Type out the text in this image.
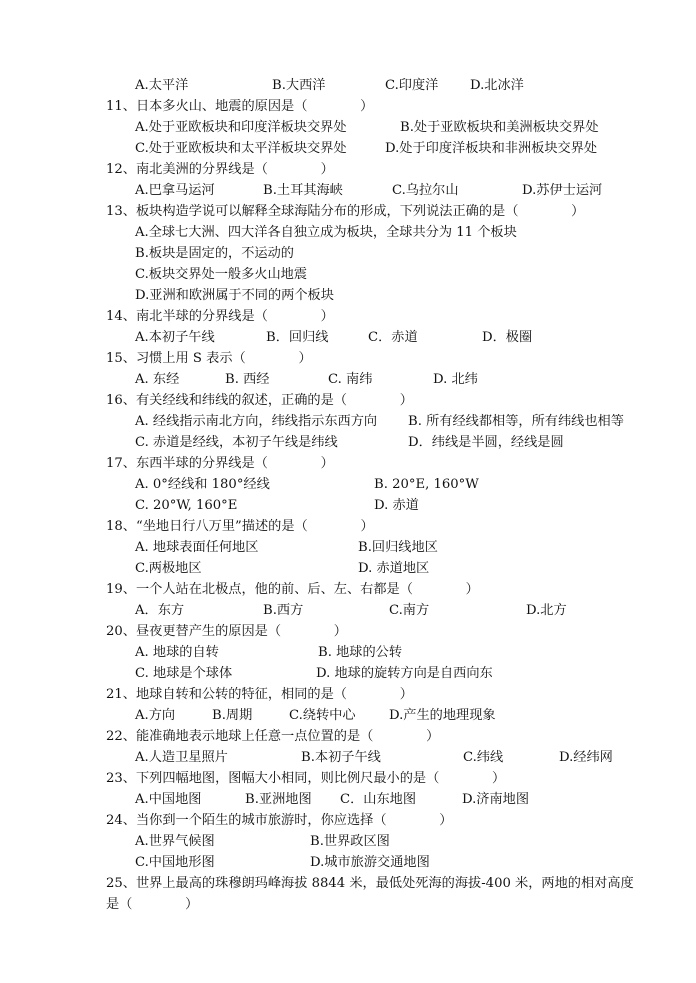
A.太平洋	B.大西洋	C.印度洋 D.北冰洋
11、日本多火山、地震的原因是（　　　　）
A.处于亚欧板块和印度洋板块交界处	B.处于亚欧板块和美洲板块交界处
C.处于亚欧板块和太平洋板块交界处	D.处于印度洋板块和非洲板块交界处
12、南北美洲的分界线是（　　　　）
A.巴拿马运河	B.土耳其海峡	C.乌拉尔山	D.苏伊士运河
13、板块构造学说可以解释全球海陆分布的形成，下列说法正确的是（　　　　）
A.全球七大洲、四大洋各自独立成为板块，全球共分为 11 个板块
B.板块是固定的，不运动的
C.板块交界处一般多火山地震
D.亚洲和欧洲属于不同的两个板块
14、南北半球的分界线是（　　　　）
A.本初子午线	B．回归线	C．赤道	D．极圈
15、习惯上用 S 表示（　　　　）
A. 东经	B. 西经	C. 南纬	D. 北纬
16、有关经线和纬线的叙述，正确的是（　　　　）
A. 经线指示南北方向，纬线指示东西方向 B. 所有经线都相等，所有纬线也相等
C. 赤道是经线，本初子午线是纬线	D．纬线是半圆，经线是圆
17、东西半球的分界线是（　　　　）
A. 0°经线和 180°经线	B. 20°E, 160°W
C. 20°W, 160°E	D. 赤道
18、“坐地日行八万里”描述的是（　　　　）
A. 地球表面任何地区	B.回归线地区
C.两极地区	D. 赤道地区
19、一个人站在北极点，他的前、后、左、右都是（　　　　）
A．东方	B.西方	C.南方	D.北方
20、昼夜更替产生的原因是（　　　　）
A. 地球的自转	B. 地球的公转
C. 地球是个球体	D. 地球的旋转方向是自西向东
21、地球自转和公转的特征，相同的是（　　　　）
A.方向	B.周期	C.绕转中心	D.产生的地理现象
22、能准确地表示地球上任意一点位置的是（　　　　）
A.人造卫星照片	B.本初子午线	C.纬线	D.经纬网
23、下列四幅地图，图幅大小相同，则比例尺最小的是（　　　　）
A.中国地图	B.亚洲地图 C．山东地图	D.济南地图
24、当你到一个陌生的城市旅游时，你应选择（　　　　）
A.世界气候图	B.世界政区图
C.中国地形图	D.城市旅游交通地图
25、世界上最高的珠穆朗玛峰海拔 8844 米，最低处死海的海拔-400 米，两地的相对高度
是（　　　　）
